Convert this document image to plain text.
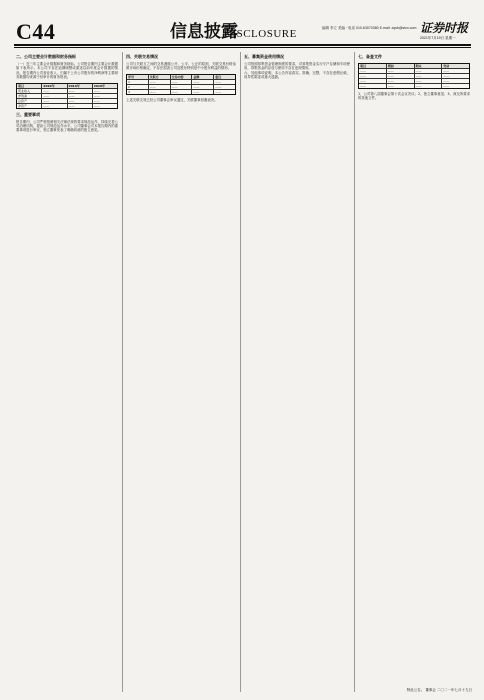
C44	信息披露
DISCLOSURE	编辑 李立 美编 · 电话 010-63070380 E-mail: zqsb@stcn.com 证券时报
2021年7月19日 星期一
二、公司主要会计数据和财务指标
（一）近三年主要会计数据和财务指标。公司报告期内主要会计数据如下表所示，本公司不存在追溯调整或重述以前年度会计数据的情况。报告期内公司营业收入、归属于上市公司股东的净利润等主要财务数据均来源于经审计的财务报表。
项目	2020年	2019年	2018年
营业收入	——	——	——
净利润	——	——	——
总资产	——	——	——
净资产	——	——	——
三、重要事项
报告期内，公司严格按照相关法律法规的要求规范运作，持续完善公司治理结构，提高公司规范运作水平。公司董事会对本报告期内的重要事项进行审议，独立董事发表了明确同意的独立意见。
四、关联交易情况
公司与关联方之间的交易遵循公开、公平、公正的原则，关联交易价格参照市场价格确定，不存在损害公司及股东特别是中小股东利益的情形。
序号	关联方	交易内容	金额	备注
1	——	——	——	——
2	——	——	——	——
3	——	——	——	——
上述关联交易已经公司董事会审议通过，关联董事回避表决。
五、募集资金使用情况
公司按照募集资金管理制度的要求，对募集资金实行专户存储和专项使用，募集资金的存放与使用不存在违规情形。
六、其他事项说明。本公告内容真实、准确、完整，不存在虚假记载、误导性陈述或重大遗漏。
七、备查文件
项目	期初	期末	变动
——	——	——	——
——	——	——	——
——	——	——	——
——	——	——	——
1、公司第八届董事会第十次会议决议；2、独立董事意见；3、深交所要求的其他文件。
特此公告。 董事会 二〇二一年七月十九日
